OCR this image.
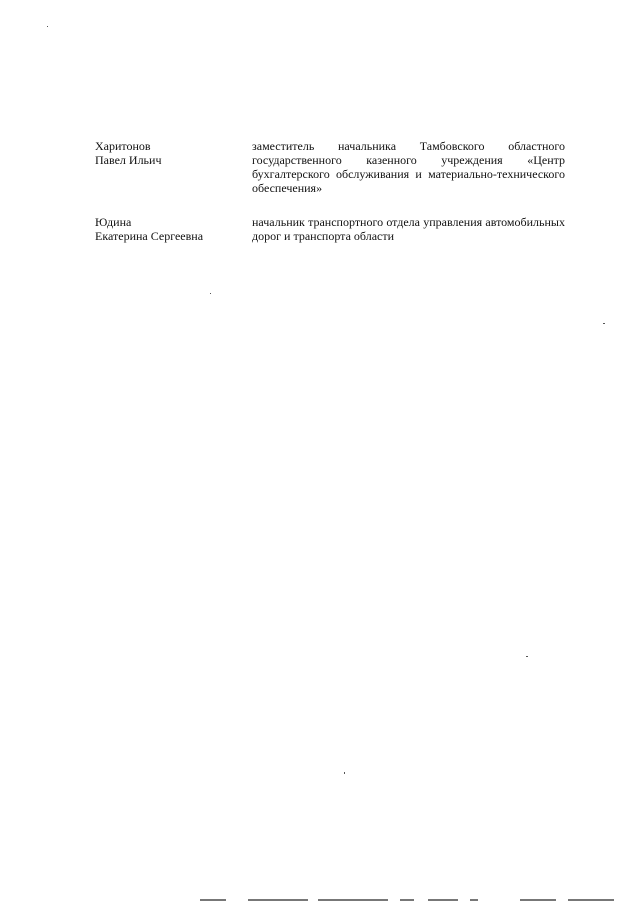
Харитонов
Павел Ильич
заместитель начальника Тамбовского областного государственного казенного учреждения «Центр бухгалтерского обслуживания и материально-технического обеспечения»
Юдина
Екатерина Сергеевна
начальник транспортного отдела управления автомобильных дорог и транспорта области
